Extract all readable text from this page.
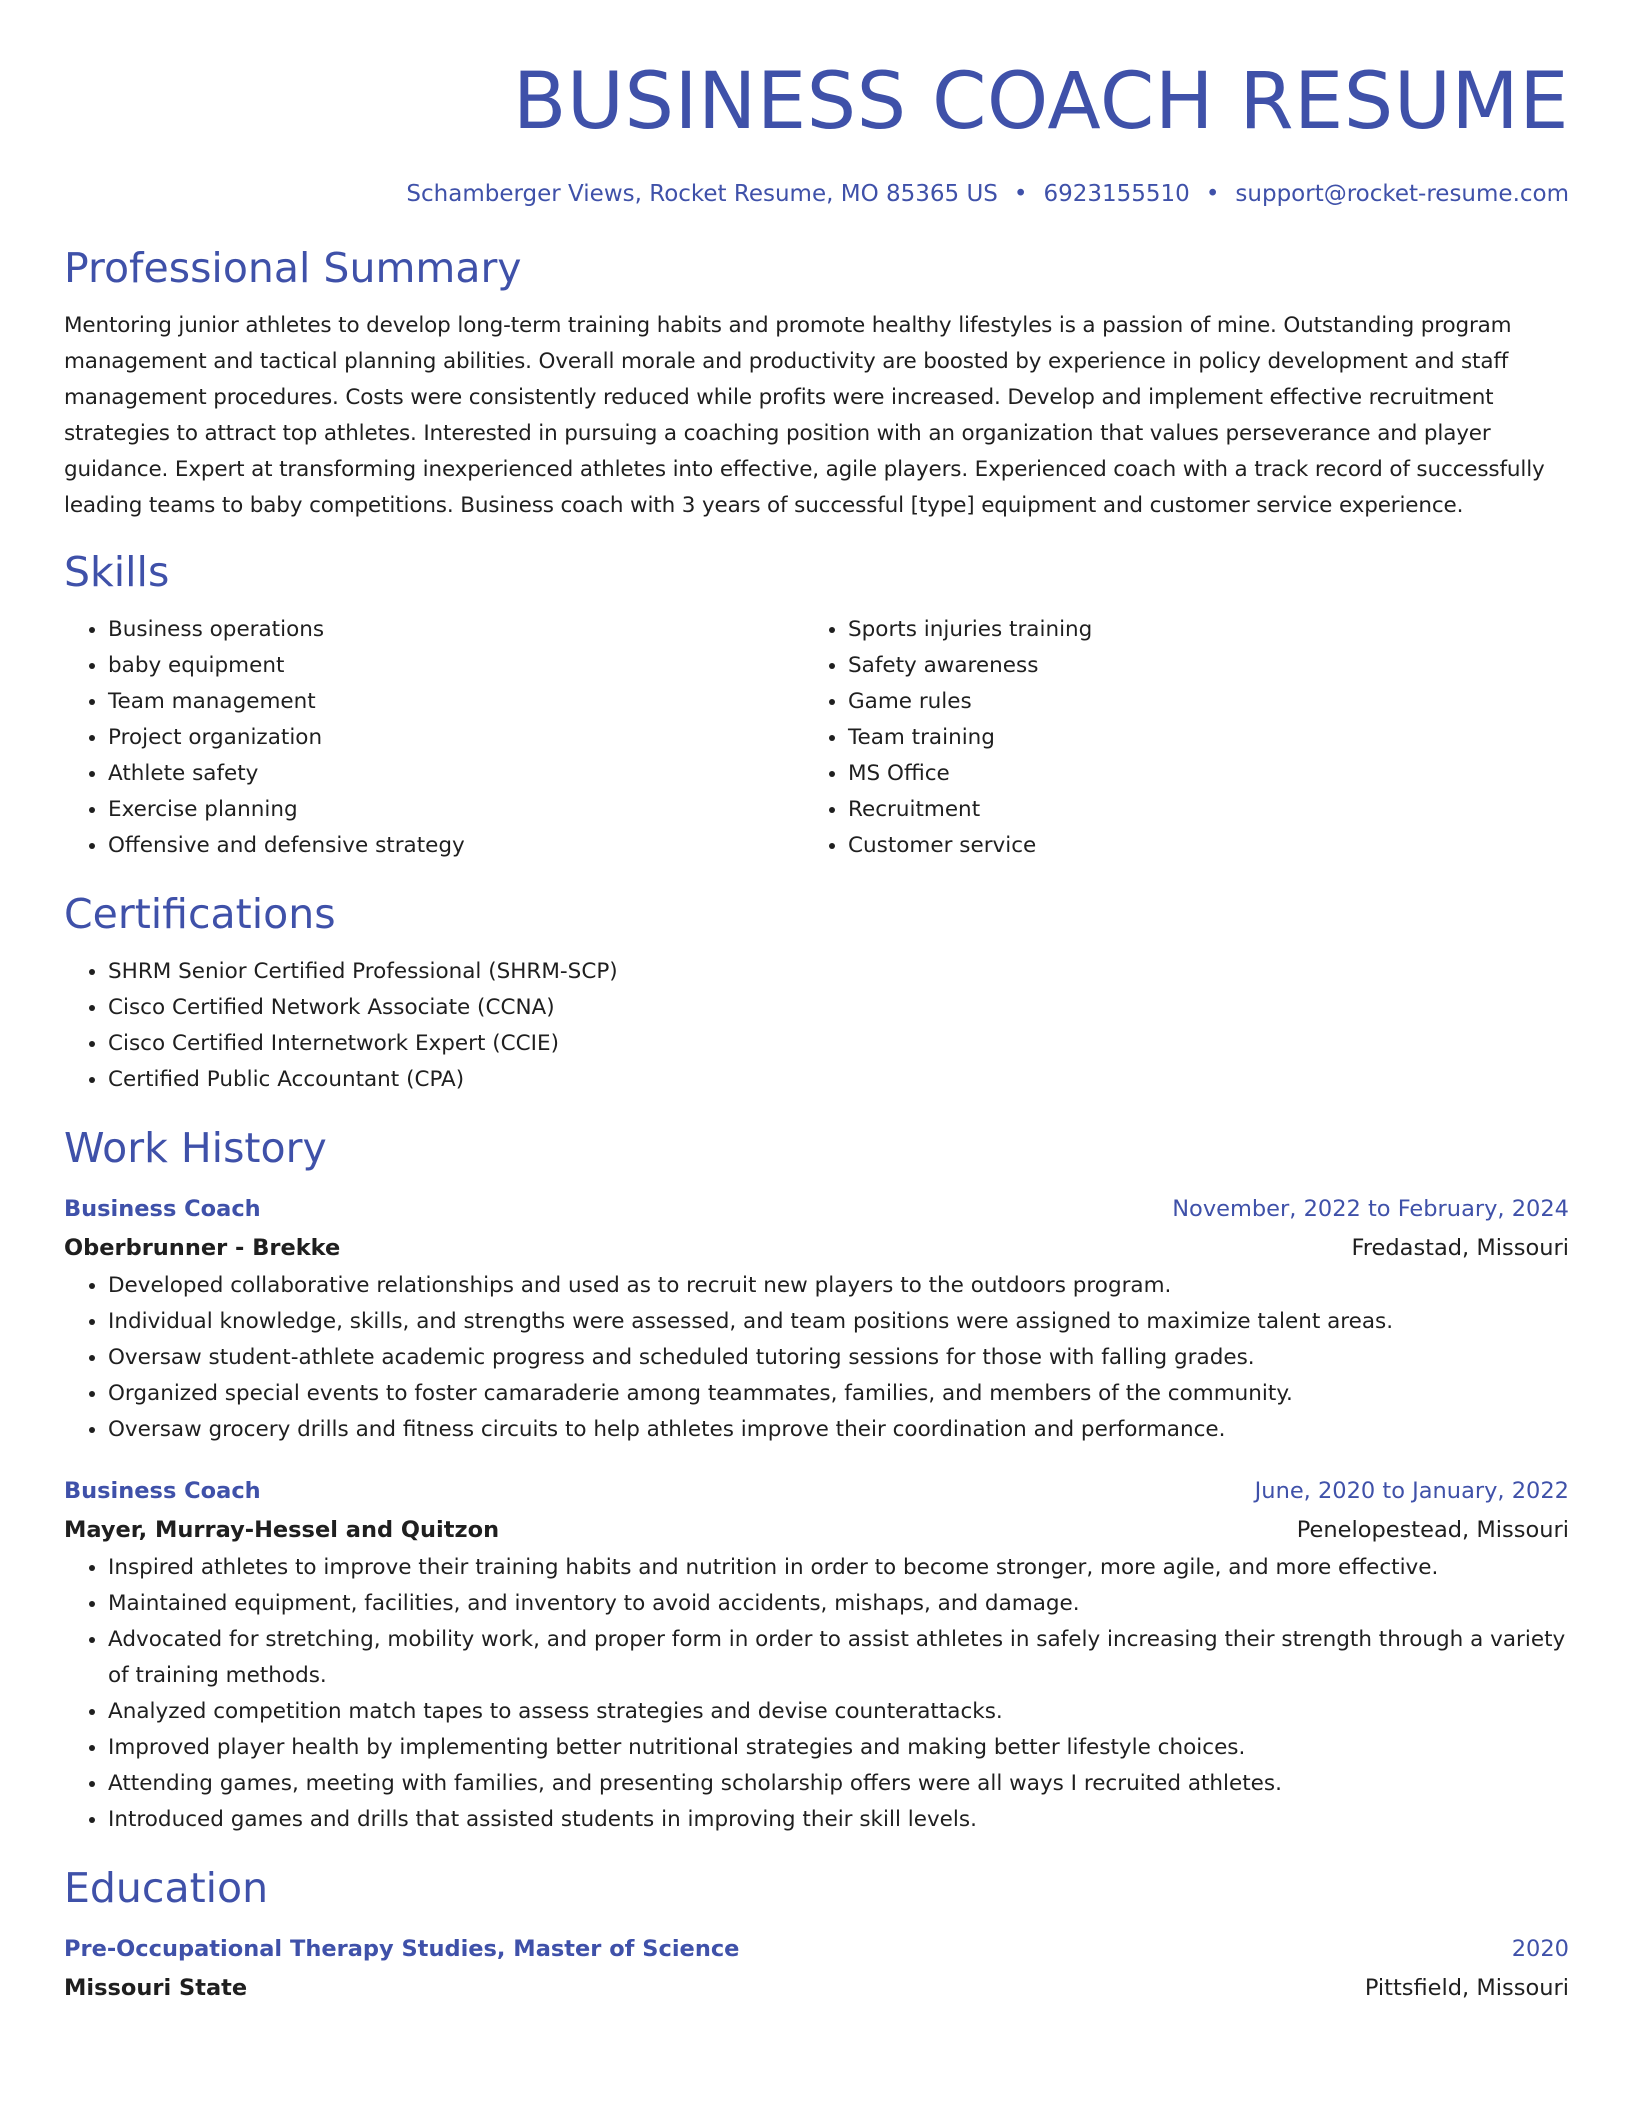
BUSINESS COACH RESUME
Schamberger Views, Rocket Resume, MO 85365 US • 6923155510 • support@rocket-resume.com
Professional Summary

Mentoring junior athletes to develop long-term training habits and promote healthy lifestyles is a passion of mine. Outstanding program management and tactical planning abilities. Overall morale and productivity are boosted by experience in policy development and staff management procedures. Costs were consistently reduced while profits were increased. Develop and implement effective recruitment strategies to attract top athletes. Interested in pursuing a coaching position with an organization that values perseverance and player guidance. Expert at transforming inexperienced athletes into effective, agile players. Experienced coach with a track record of successfully leading teams to baby competitions. Business coach with 3 years of successful [type] equipment and customer service experience.

Skills
• Business operations
• baby equipment
• Team management
• Project organization
• Athlete safety
• Exercise planning
• Offensive and defensive strategy
• Sports injuries training
• Safety awareness
• Game rules
• Team training
• MS Office
• Recruitment
• Customer service
Certifications
• SHRM Senior Certified Professional (SHRM-SCP)
• Cisco Certified Network Associate (CCNA)
• Cisco Certified Internetwork Expert (CCIE)
• Certified Public Accountant (CPA)
Work History
Business Coach	November, 2022 to February, 2024
Oberbrunner - Brekke	Fredastad, Missouri
• Developed collaborative relationships and used as to recruit new players to the outdoors program.
• Individual knowledge, skills, and strengths were assessed, and team positions were assigned to maximize talent areas.
• Oversaw student-athlete academic progress and scheduled tutoring sessions for those with falling grades.
• Organized special events to foster camaraderie among teammates, families, and members of the community.
• Oversaw grocery drills and fitness circuits to help athletes improve their coordination and performance.
Business Coach	June, 2020 to January, 2022
Mayer, Murray-Hessel and Quitzon	Penelopestead, Missouri
• Inspired athletes to improve their training habits and nutrition in order to become stronger, more agile, and more effective.
• Maintained equipment, facilities, and inventory to avoid accidents, mishaps, and damage.
• Advocated for stretching, mobility work, and proper form in order to assist athletes in safely increasing their strength through a variety of training methods.
• Analyzed competition match tapes to assess strategies and devise counterattacks.
• Improved player health by implementing better nutritional strategies and making better lifestyle choices.
• Attending games, meeting with families, and presenting scholarship offers were all ways I recruited athletes.
• Introduced games and drills that assisted students in improving their skill levels.
Education
Pre-Occupational Therapy Studies, Master of Science	2020
Missouri State	Pittsfield, Missouri
